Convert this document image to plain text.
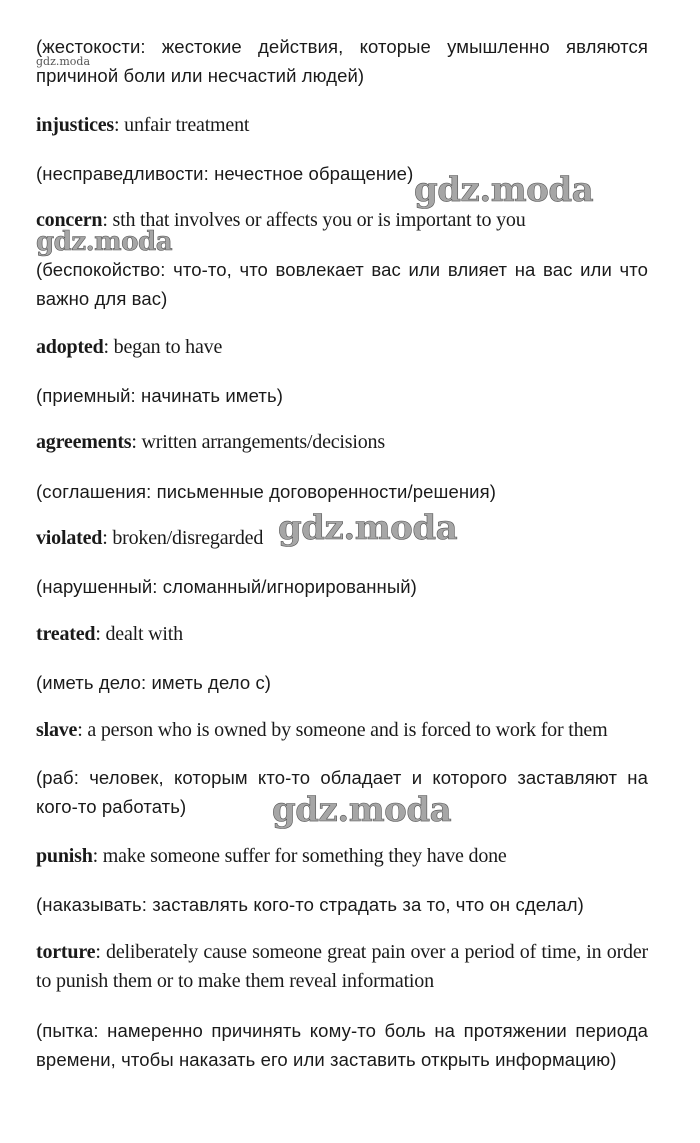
(жестокости: жестокие действия, которые умышленно являются причиной боли или несчастий людей)

injustices: unfair treatment

(несправедливости: нечестное обращение)

concern: sth that involves or affects you or is important to you

(беспокойство: что-то, что вовлекает вас или влияет на вас или что важно для вас)

adopted: began to have

(приемный: начинать иметь)

agreements: written arrangements/decisions

(соглашения: письменные договоренности/решения)

violated: broken/disregarded

(нарушенный: сломанный/игнорированный)

treated: dealt with

(иметь дело: иметь дело с)

slave: a person who is owned by someone and is forced to work for them

(раб: человек, которым кто-то обладает и которого заставляют на кого-то работать)

punish: make someone suffer for something they have done

(наказывать: заставлять кого-то страдать за то, что он сделал)

torture: deliberately cause someone great pain over a period of time, in order to punish them or to make them reveal information

(пытка: намеренно причинять кому-то боль на протяжении периода времени, чтобы наказать его или заставить открыть информацию)

gdz.moda
gdz.moda
gdz.moda
gdz.moda
gdz.moda
